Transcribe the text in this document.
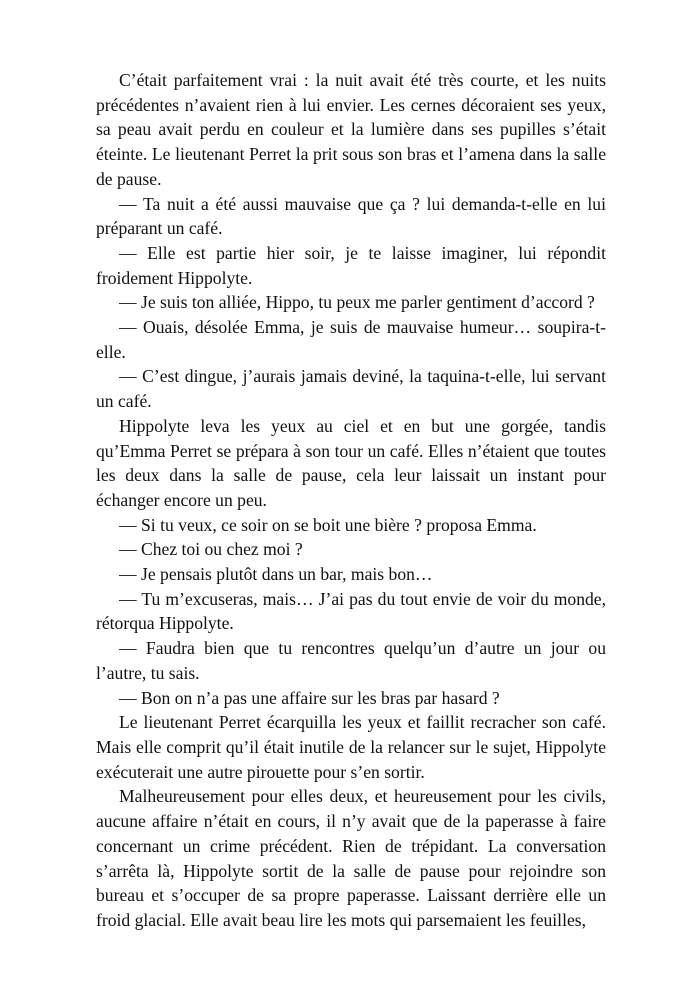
C’était parfaitement vrai : la nuit avait été très courte, et les nuits précédentes n’avaient rien à lui envier. Les cernes décoraient ses yeux, sa peau avait perdu en couleur et la lumière dans ses pupilles s’était éteinte. Le lieutenant Perret la prit sous son bras et l’amena dans la salle de pause.

— Ta nuit a été aussi mauvaise que ça ? lui demanda-t-elle en lui préparant un café.

— Elle est partie hier soir, je te laisse imaginer, lui répondit froidement Hippolyte.

— Je suis ton alliée, Hippo, tu peux me parler gentiment d’accord ?

— Ouais, désolée Emma, je suis de mauvaise humeur… soupira-t-elle.

— C’est dingue, j’aurais jamais deviné, la taquina-t-elle, lui servant un café.

Hippolyte leva les yeux au ciel et en but une gorgée, tandis qu’Emma Perret se prépara à son tour un café. Elles n’étaient que toutes les deux dans la salle de pause, cela leur laissait un instant pour échanger encore un peu.

— Si tu veux, ce soir on se boit une bière ? proposa Emma.

— Chez toi ou chez moi ?

— Je pensais plutôt dans un bar, mais bon…

— Tu m’excuseras, mais… J’ai pas du tout envie de voir du monde, rétorqua Hippolyte.

— Faudra bien que tu rencontres quelqu’un d’autre un jour ou l’autre, tu sais.

— Bon on n’a pas une affaire sur les bras par hasard ?

Le lieutenant Perret écarquilla les yeux et faillit recracher son café. Mais elle comprit qu’il était inutile de la relancer sur le sujet, Hippolyte exécuterait une autre pirouette pour s’en sortir.

Malheureusement pour elles deux, et heureusement pour les civils, aucune affaire n’était en cours, il n’y avait que de la paperasse à faire concernant un crime précédent. Rien de trépidant. La conversation s’arrêta là, Hippolyte sortit de la salle de pause pour rejoindre son bureau et s’occuper de sa propre paperasse. Laissant derrière elle un froid glacial. Elle avait beau lire les mots qui parsemaient les feuilles,
